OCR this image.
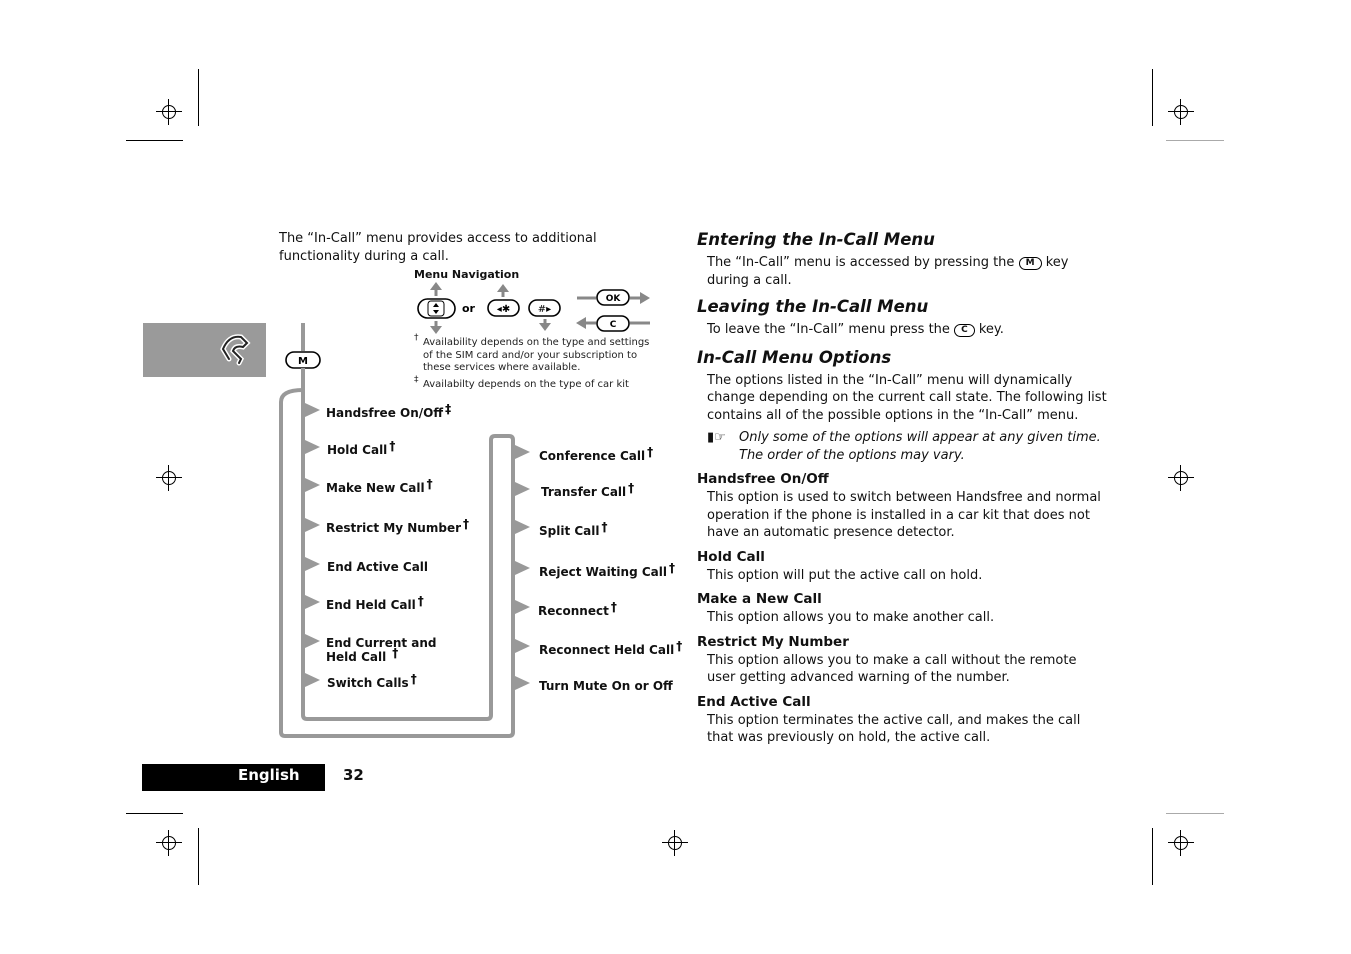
The “In-Call” menu provides access to additional functionality during a call.
Menu Navigation
or ◂✱	#▸
OK
C
M
† Availability depends on the type and settings of the SIM card and/or your subscription to these services where available.
‡ Availabilty depends on the type of car kit
Handsfree On/Off ‡
Hold Call †
Make New Call †
Restrict My Number †
End Active Call
End Held Call †
End Current and
Held Call †
Switch Calls †
Conference Call †
Transfer Call †
Split Call †
Reject Waiting Call †
Reconnect †
Reconnect Held Call †
Turn Mute On or Off
English	32
Entering the In-Call Menu

The “In-Call” menu is accessed by pressing the M key during a call.

Leaving the In-Call Menu

To leave the “In-Call” menu press the C key.

In-Call Menu Options

The options listed in the “In-Call” menu will dynamically change depending on the current call state. The following list contains all of the possible options in the “In-Call” menu.

▮☞	Only some of the options will appear at any given time. The order of the options may vary.
Handsfree On/Off

This option is used to switch between Handsfree and normal operation if the phone is installed in a car kit that does not have an automatic presence detector.

Hold Call

This option will put the active call on hold.

Make a New Call

This option allows you to make another call.

Restrict My Number

This option allows you to make a call without the remote user getting advanced warning of the number.

End Active Call

This option terminates the active call, and makes the call that was previously on hold, the active call.
